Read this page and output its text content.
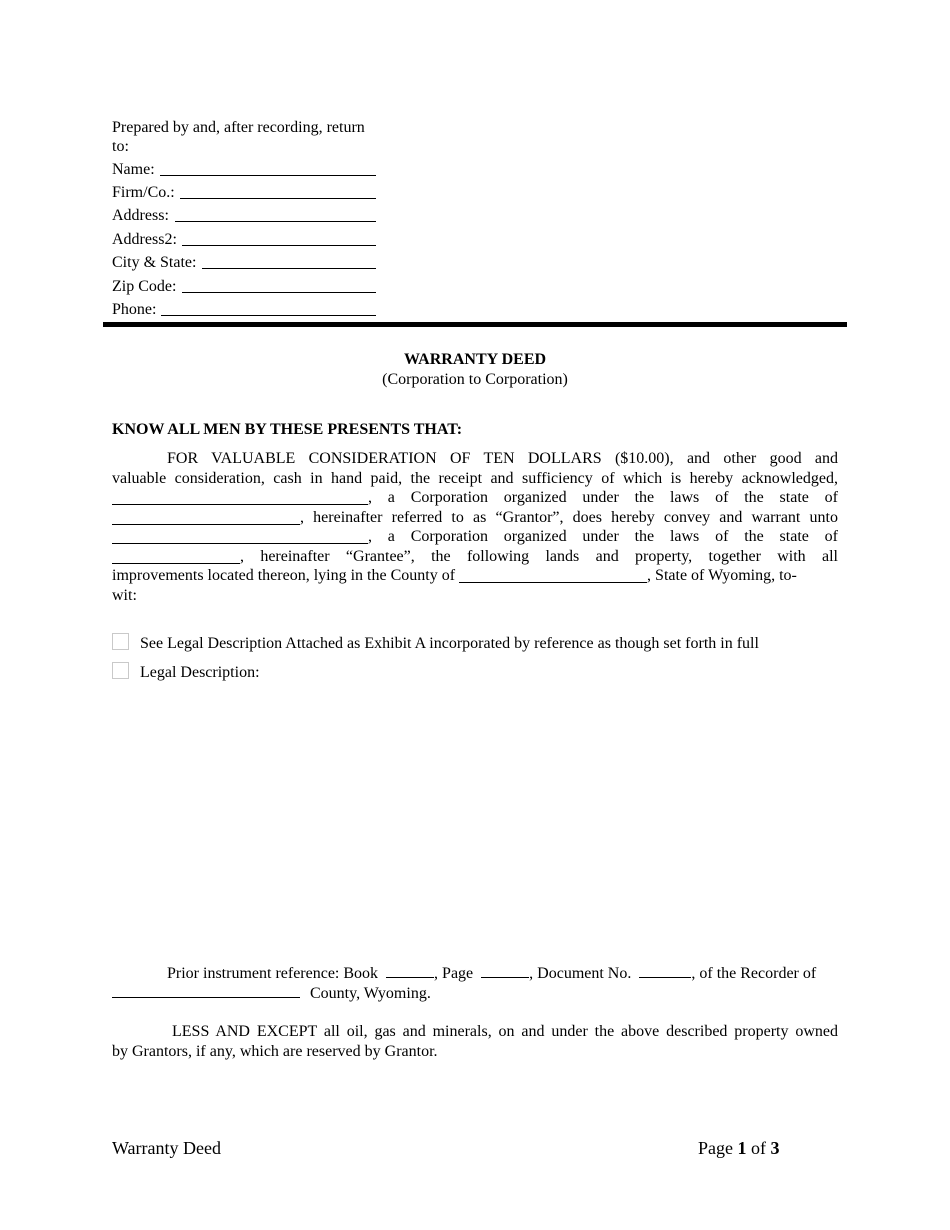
Prepared by and, after recording, return
to:
Name:
Firm/Co.:
Address:
Address2:
City & State:
Zip Code:
Phone:
WARRANTY DEED
(Corporation to Corporation)
KNOW ALL MEN BY THESE PRESENTS THAT:
FOR VALUABLE CONSIDERATION OF TEN DOLLARS ($10.00), and other good and
valuable consideration, cash in hand paid, the receipt and sufficiency of which is hereby acknowledged,
, a Corporation organized under the laws of the state of
, hereinafter referred to as “Grantor”, does hereby convey and warrant unto
, a Corporation organized under the laws of the state of
, hereinafter “Grantee”, the following lands and property, together with all
improvements located thereon, lying in the County of	, State of Wyoming, to-
wit:
See Legal Description Attached as Exhibit A incorporated by reference as though set forth in full
Legal Description:
Prior instrument reference: Book	, Page	, Document No.	, of the Recorder of
County, Wyoming.
LESS AND EXCEPT all oil, gas and minerals, on and under the above described property owned
by Grantors, if any, which are reserved by Grantor.
Warranty Deed	Page 1 of 3
